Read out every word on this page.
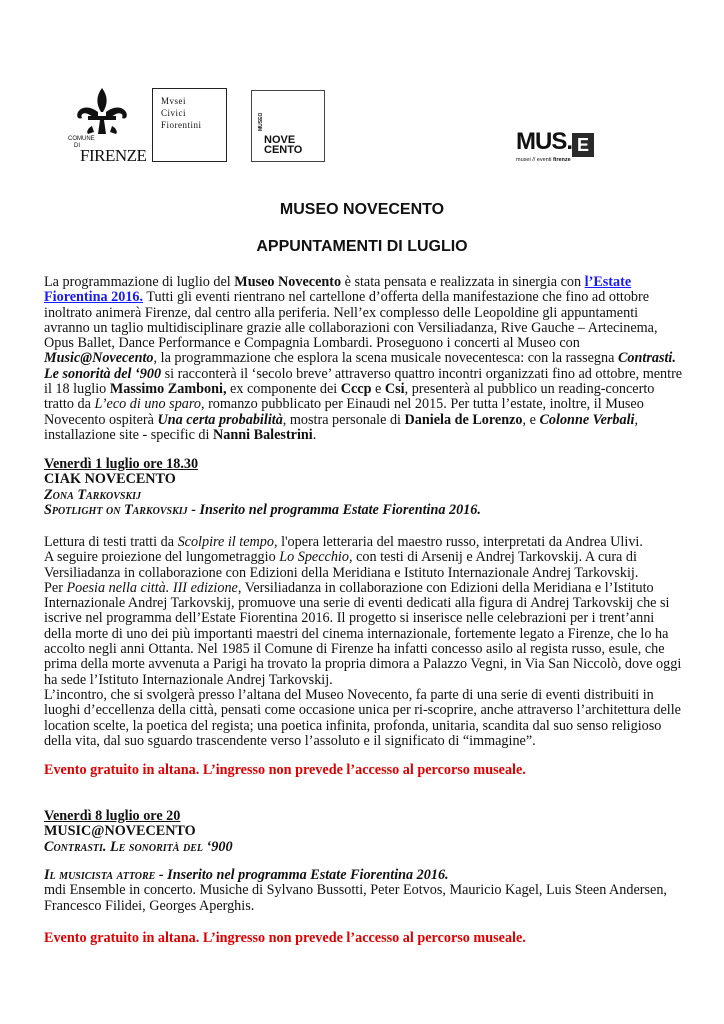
COMUNE
DI FIRENZE
Mvsei
Civici
Fiorentini	MUSEO
NOVE
CENTO	MUS. E
musei // eventi firenze
MUSEO NOVECENTO
APPUNTAMENTI DI LUGLIO

La programmazione di luglio del Museo Novecento è stata pensata e realizzata in sinergia con l’Estate Fiorentina 2016. Tutti gli eventi rientrano nel cartellone d’offerta della manifestazione che fino ad ottobre inoltrato animerà Firenze, dal centro alla periferia. Nell’ex complesso delle Leopoldine gli appuntamenti avranno un taglio multidisciplinare grazie alle collaborazioni con Versiliadanza, Rive Gauche – Artecinema, Opus Ballet, Dance Performance e Compagnia Lombardi. Proseguono i concerti al Museo con Music@Novecento, la programmazione che esplora la scena musicale novecentesca: con la rassegna Contrasti. Le sonorità del ‘900 si racconterà il ‘secolo breve’ attraverso quattro incontri organizzati fino ad ottobre, mentre il 18 luglio Massimo Zamboni, ex componente dei Cccp e Csi, presenterà al pubblico un reading-concerto tratto da L’eco di uno sparo, romanzo pubblicato per Einaudi nel 2015. Per tutta l’estate, inoltre, il Museo Novecento ospiterà Una certa probabilità, mostra personale di Daniela de Lorenzo, e Colonne Verbali, installazione site - specific di Nanni Balestrini.

Venerdì 1 luglio ore 18.30

CIAK NOVECENTO

Zona Tarkovskij

Spotlight on Tarkovskij - Inserito nel programma Estate Fiorentina 2016.

Lettura di testi tratti da Scolpire il tempo, l'opera letteraria del maestro russo, interpretati da Andrea Ulivi.

A seguire proiezione del lungometraggio Lo Specchio, con testi di Arsenij e Andrej Tarkovskij. A cura di Versiliadanza in collaborazione con Edizioni della Meridiana e Istituto Internazionale Andrej Tarkovskij.

Per Poesia nella città. III edizione, Versiliadanza in collaborazione con Edizioni della Meridiana e l’Istituto Internazionale Andrej Tarkovskij, promuove una serie di eventi dedicati alla figura di Andrej Tarkovskij che si iscrive nel programma dell’Estate Fiorentina 2016. Il progetto si inserisce nelle celebrazioni per i trent’anni della morte di uno dei più importanti maestri del cinema internazionale, fortemente legato a Firenze, che lo ha accolto negli anni Ottanta. Nel 1985 il Comune di Firenze ha infatti concesso asilo al regista russo, esule, che prima della morte avvenuta a Parigi ha trovato la propria dimora a Palazzo Vegni, in Via San Niccolò, dove oggi ha sede l’Istituto Internazionale Andrej Tarkovskij.

L’incontro, che si svolgerà presso l’altana del Museo Novecento, fa parte di una serie di eventi distribuiti in luoghi d’eccellenza della città, pensati come occasione unica per ri-scoprire, anche attraverso l’architettura delle location scelte, la poetica del regista; una poetica infinita, profonda, unitaria, scandita dal suo senso religioso della vita, dal suo sguardo trascendente verso l’assoluto e il significato di “immagine”.

Evento gratuito in altana. L’ingresso non prevede l’accesso al percorso museale.

Venerdì 8 luglio ore 20

MUSIC@NOVECENTO

Contrasti. Le sonorità del ‘900

Il musicista attore - Inserito nel programma Estate Fiorentina 2016.

mdi Ensemble in concerto. Musiche di Sylvano Bussotti, Peter Eotvos, Mauricio Kagel, Luis Steen Andersen, Francesco Filidei, Georges Aperghis.

Evento gratuito in altana. L’ingresso non prevede l’accesso al percorso museale.
